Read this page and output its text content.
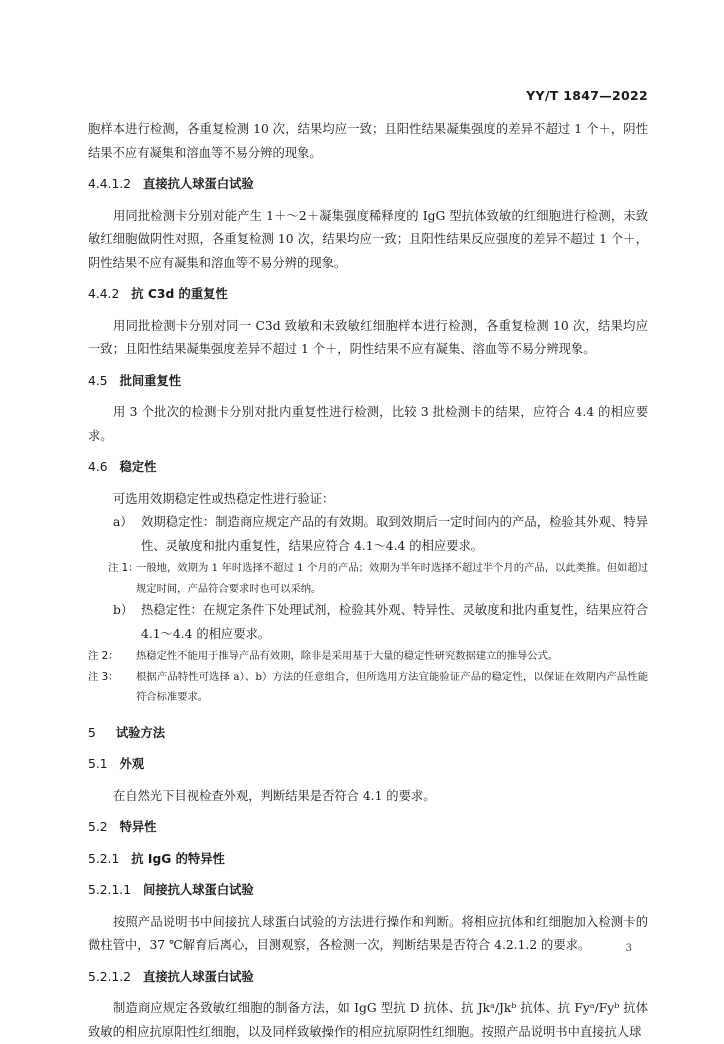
YY/T 1847—2022

胞样本进行检测，各重复检测 10 次，结果均应一致；且阳性结果凝集强度的差异不超过 1 个＋，阴性结果不应有凝集和溶血等不易分辨的现象。

4.4.1.2 直接抗人球蛋白试验

用同批检测卡分别对能产生 1＋～2＋凝集强度稀释度的 IgG 型抗体致敏的红细胞进行检测，未致敏红细胞做阴性对照，各重复检测 10 次，结果均应一致；且阳性结果反应强度的差异不超过 1 个＋，阴性结果不应有凝集和溶血等不易分辨的现象。

4.4.2 抗 C3d 的重复性

用同批检测卡分别对同一 C3d 致敏和未致敏红细胞样本进行检测，各重复检测 10 次，结果均应一致；且阳性结果凝集强度差异不超过 1 个＋，阴性结果不应有凝集、溶血等不易分辨现象。

4.5 批间重复性

用 3 个批次的检测卡分别对批内重复性进行检测，比较 3 批检测卡的结果，应符合 4.4 的相应要求。

4.6 稳定性

可选用效期稳定性或热稳定性进行验证：

a） 效期稳定性：制造商应规定产品的有效期。取到效期后一定时间内的产品，检验其外观、特异性、灵敏度和批内重复性，结果应符合 4.1～4.4 的相应要求。
注 1：
一般地，效期为 1 年时选择不超过 1 个月的产品；效期为半年时选择不超过半个月的产品，以此类推。但如超过规定时间，产品符合要求时也可以采纳。
b） 热稳定性：在规定条件下处理试剂，检验其外观、特异性、灵敏度和批内重复性，结果应符合 4.1～4.4 的相应要求。
注 2： 热稳定性不能用于推导产品有效期，除非是采用基于大量的稳定性研究数据建立的推导公式。
注 3： 根据产品特性可选择 a）、b）方法的任意组合，但所选用方法宜能验证产品的稳定性，以保证在效期内产品性能符合标准要求。
5 试验方法
5.1 外观

在自然光下目视检查外观，判断结果是否符合 4.1 的要求。

5.2 特异性
5.2.1 抗 IgG 的特异性
5.2.1.1 间接抗人球蛋白试验

按照产品说明书中间接抗人球蛋白试验的方法进行操作和判断。将相应抗体和红细胞加入检测卡的微柱管中，37 ℃解育后离心，目测观察，各检测一次，判断结果是否符合 4.2.1.2 的要求。

5.2.1.2 直接抗人球蛋白试验

制造商应规定各致敏红细胞的制备方法，如 IgG 型抗 D 抗体、抗 Jkᵃ/Jkᵇ 抗体、抗 Fyᵃ/Fyᵇ 抗体致敏的相应抗原阳性红细胞，以及同样致敏操作的相应抗原阴性红细胞。按照产品说明书中直接抗人球

3
